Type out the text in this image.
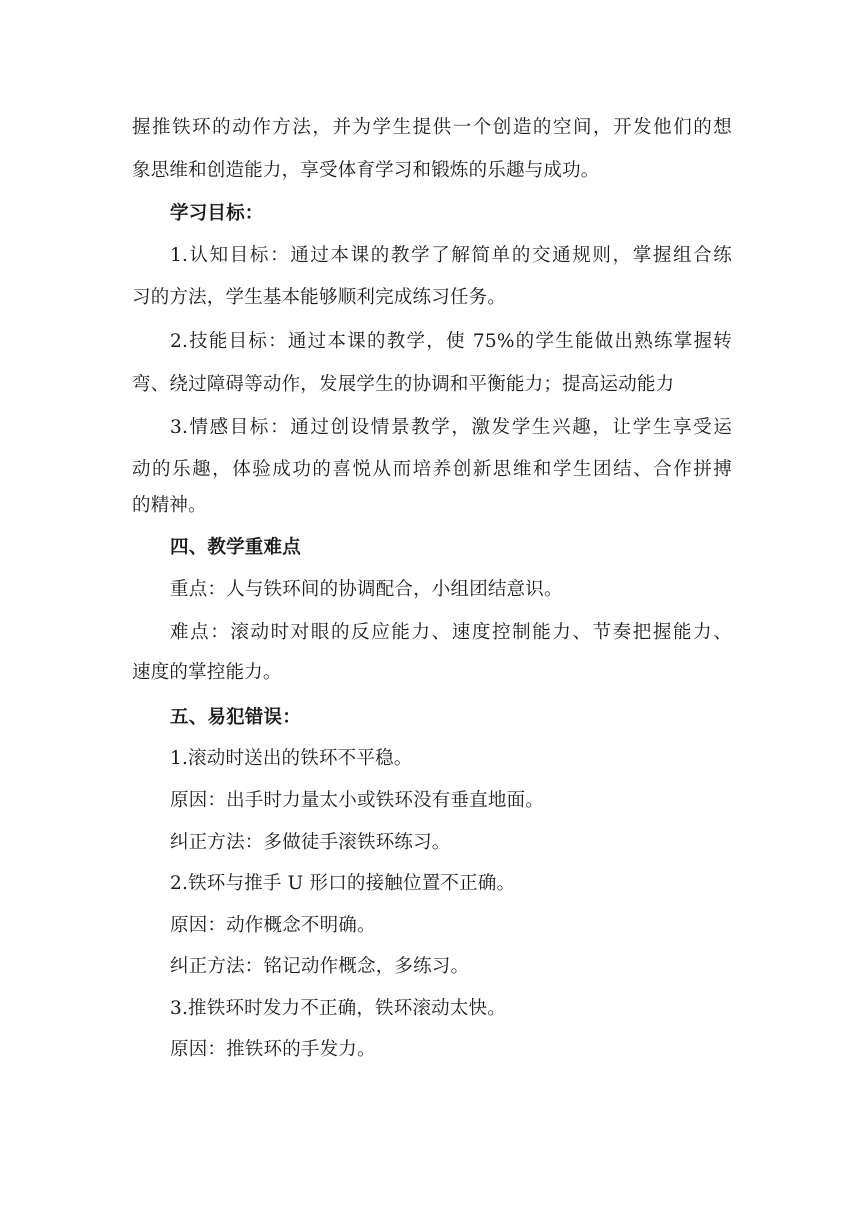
握推铁环的动作方法，并为学生提供一个创造的空间，开发他们的想
象思维和创造能力，享受体育学习和锻炼的乐趣与成功。
学习目标：
1.认知目标：通过本课的教学了解简单的交通规则，掌握组合练
习的方法，学生基本能够顺利完成练习任务。
2.技能目标：通过本课的教学，使 75%的学生能做出熟练掌握转
弯、绕过障碍等动作，发展学生的协调和平衡能力；提高运动能力
3.情感目标：通过创设情景教学，激发学生兴趣，让学生享受运
动的乐趣，体验成功的喜悦从而培养创新思维和学生团结、合作拼搏
的精神。
四、教学重难点
重点：人与铁环间的协调配合，小组团结意识。
难点：滚动时对眼的反应能力、速度控制能力、节奏把握能力、
速度的掌控能力。
五、易犯错误：
1.滚动时送出的铁环不平稳。
原因：出手时力量太小或铁环没有垂直地面。
纠正方法：多做徒手滚铁环练习。
2.铁环与推手 U 形口的接触位置不正确。
原因：动作概念不明确。
纠正方法：铭记动作概念，多练习。
3.推铁环时发力不正确，铁环滚动太快。
原因：推铁环的手发力。
